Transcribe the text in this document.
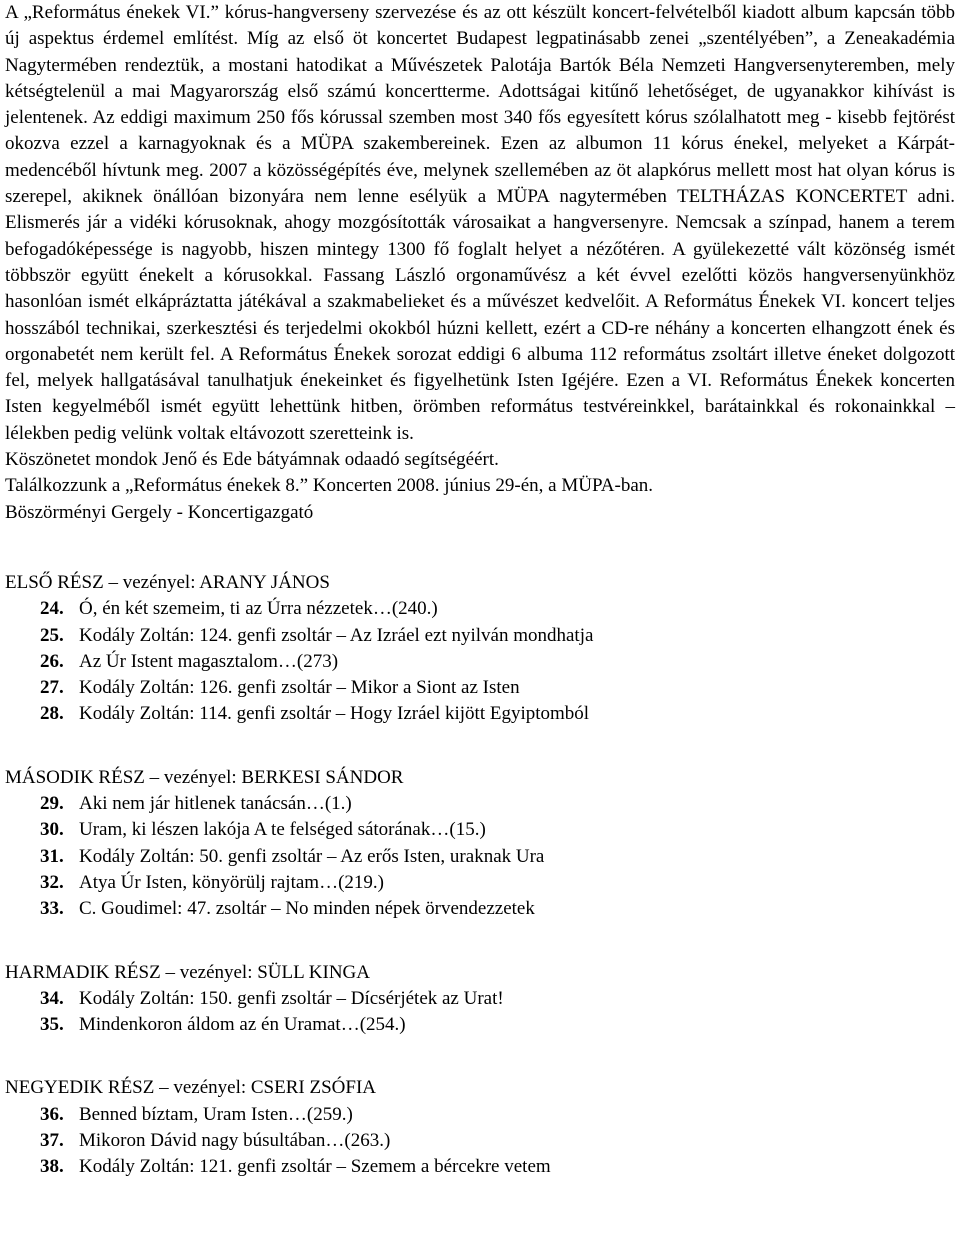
A „Református énekek VI.” kórus-hangverseny szervezése és az ott készült koncert-felvételből kiadott album kapcsán több új aspektus érdemel említést. Míg az első öt koncertet Budapest legpatinásabb zenei „szentélyében”, a Zeneakadémia Nagytermében rendeztük, a mostani hatodikat a Művészetek Palotája Bartók Béla Nemzeti Hangversenyteremben, mely kétségtelenül a mai Magyarország első számú koncertterme. Adottságai kitűnő lehetőséget, de ugyanakkor kihívást is jelentenek. Az eddigi maximum 250 fős kórussal szemben most 340 fős egyesített kórus szólalhatott meg - kisebb fejtörést okozva ezzel a karnagyoknak és a MÜPA szakembereinek. Ezen az albumon 11 kórus énekel, melyeket a Kárpát-medencéből hívtunk meg. 2007 a közösségépítés éve, melynek szellemében az öt alapkórus mellett most hat olyan kórus is szerepel, akiknek önállóan bizonyára nem lenne esélyük a MÜPA nagytermében TELTHÁZAS KONCERTET adni. Elismerés jár a vidéki kórusoknak, ahogy mozgósították városaikat a hangversenyre. Nemcsak a színpad, hanem a terem befogadóképessége is nagyobb, hiszen mintegy 1300 fő foglalt helyet a nézőtéren. A gyülekezetté vált közönség ismét többször együtt énekelt a kórusokkal. Fassang László orgonaművész a két évvel ezelőtti közös hangversenyünkhöz hasonlóan ismét elkápráztatta játékával a szakmabelieket és a művészet kedvelőit. A Református Énekek VI. koncert teljes hosszából technikai, szerkesztési és terjedelmi okokból húzni kellett, ezért a CD-re néhány a koncerten elhangzott ének és orgonabetét nem került fel. A Református Énekek sorozat eddigi 6 albuma 112 református zsoltárt illetve éneket dolgozott fel, melyek hallgatásával tanulhatjuk énekeinket és figyelhetünk Isten Igéjére. Ezen a VI. Református Énekek koncerten Isten kegyelméből ismét együtt lehettünk hitben, örömben református testvéreinkkel, barátainkkal és rokonainkkal – lélekben pedig velünk voltak eltávozott szeretteink is.

Köszönetet mondok Jenő és Ede bátyámnak odaadó segítségéért.

Találkozzunk a „Református énekek 8.” Koncerten 2008. június 29-én, a MÜPA-ban.

Böszörményi Gergely - Koncertigazgató

ELSŐ RÉSZ – vezényel: ARANY JÁNOS

24. Ó, én két szemeim, ti az Úrra nézzetek…(240.)

25. Kodály Zoltán: 124. genfi zsoltár – Az Izráel ezt nyilván mondhatja

26. Az Úr Istent magasztalom…(273)

27. Kodály Zoltán: 126. genfi zsoltár – Mikor a Siont az Isten

28. Kodály Zoltán: 114. genfi zsoltár – Hogy Izráel kijött Egyiptomból

MÁSODIK RÉSZ – vezényel: BERKESI SÁNDOR

29. Aki nem jár hitlenek tanácsán…(1.)

30. Uram, ki lészen lakója A te felséged sátorának…(15.)

31. Kodály Zoltán: 50. genfi zsoltár – Az erős Isten, uraknak Ura

32. Atya Úr Isten, könyörülj rajtam…(219.)

33. C. Goudimel: 47. zsoltár – No minden népek örvendezzetek

HARMADIK RÉSZ – vezényel: SÜLL KINGA

34. Kodály Zoltán: 150. genfi zsoltár – Dícsérjétek az Urat!

35. Mindenkoron áldom az én Uramat…(254.)

NEGYEDIK RÉSZ – vezényel: CSERI ZSÓFIA

36. Benned bíztam, Uram Isten…(259.)

37. Mikoron Dávid nagy búsultában…(263.)

38. Kodály Zoltán: 121. genfi zsoltár – Szemem a bércekre vetem
